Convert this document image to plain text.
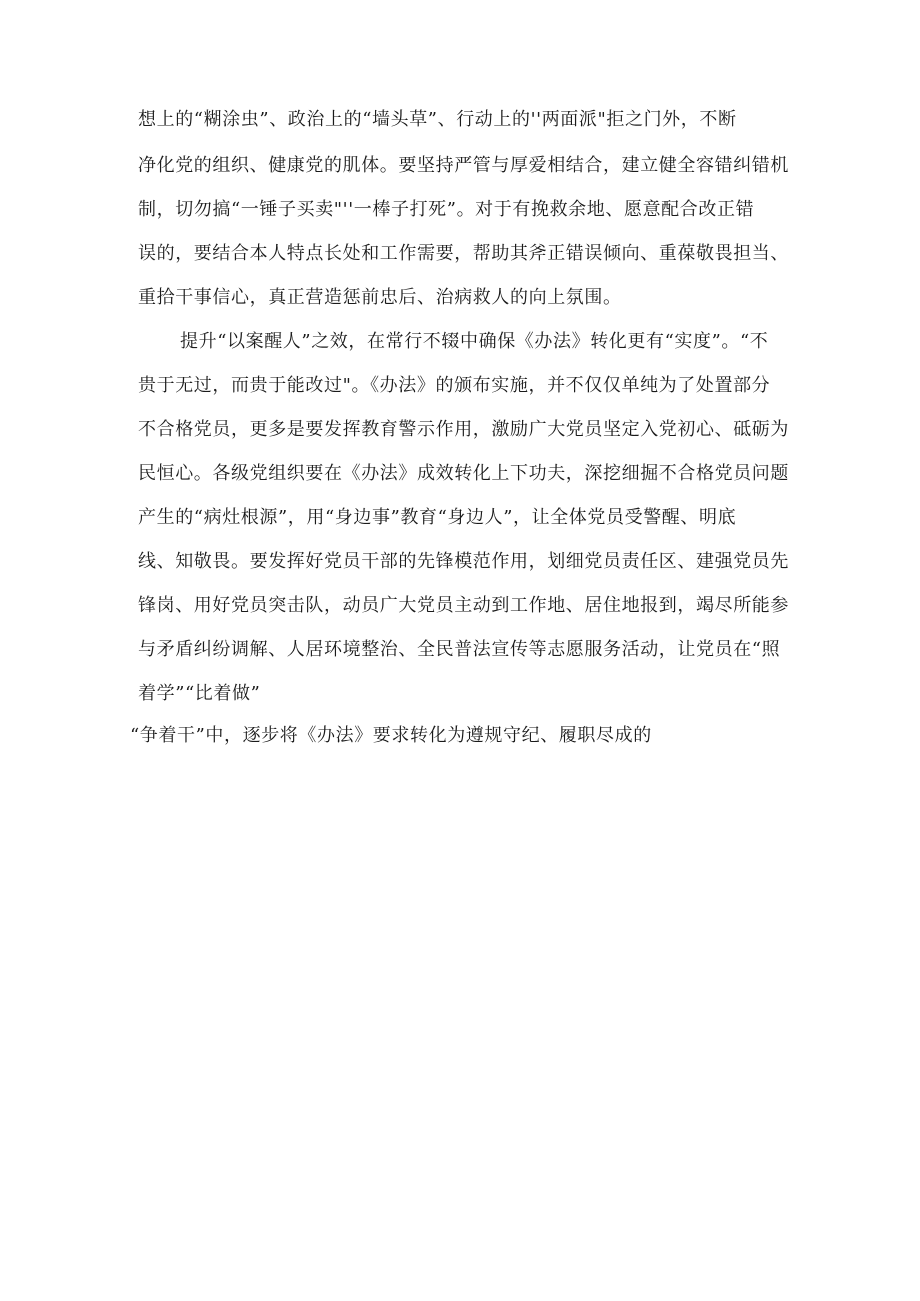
想上的“糊涂虫”、政治上的“墙头草”、行动上的''两面派"拒之门外，不断
净化党的组织、健康党的肌体。要坚持严管与厚爱相结合，建立健全容错纠错机
制，切勿搞“一锤子买卖"''一棒子打死”。对于有挽救余地、愿意配合改正错
误的，要结合本人特点长处和工作需要，帮助其斧正错误倾向、重葆敬畏担当、
重拾干事信心，真正营造惩前忠后、治病救人的向上氛围。
提升“以案醒人”之效，在常行不辍中确保《办法》转化更有“实度”。“不
贵于无过，而贵于能改过"。《办法》的颁布实施，并不仅仅单纯为了处置部分
不合格党员，更多是要发挥教育警示作用，激励广大党员坚定入党初心、砥砺为
民恒心。各级党组织要在《办法》成效转化上下功夫，深挖细掘不合格党员问题
产生的“病灶根源”，用“身边事”教育“身边人”，让全体党员受警醒、明底
线、知敬畏。要发挥好党员干部的先锋模范作用，划细党员责任区、建强党员先
锋岗、用好党员突击队，动员广大党员主动到工作地、居住地报到，竭尽所能参
与矛盾纠纷调解、人居环境整治、全民普法宣传等志愿服务活动，让党员在“照
着学”“比着做”
“争着干”中，逐步将《办法》要求转化为遵规守纪、履职尽成的
